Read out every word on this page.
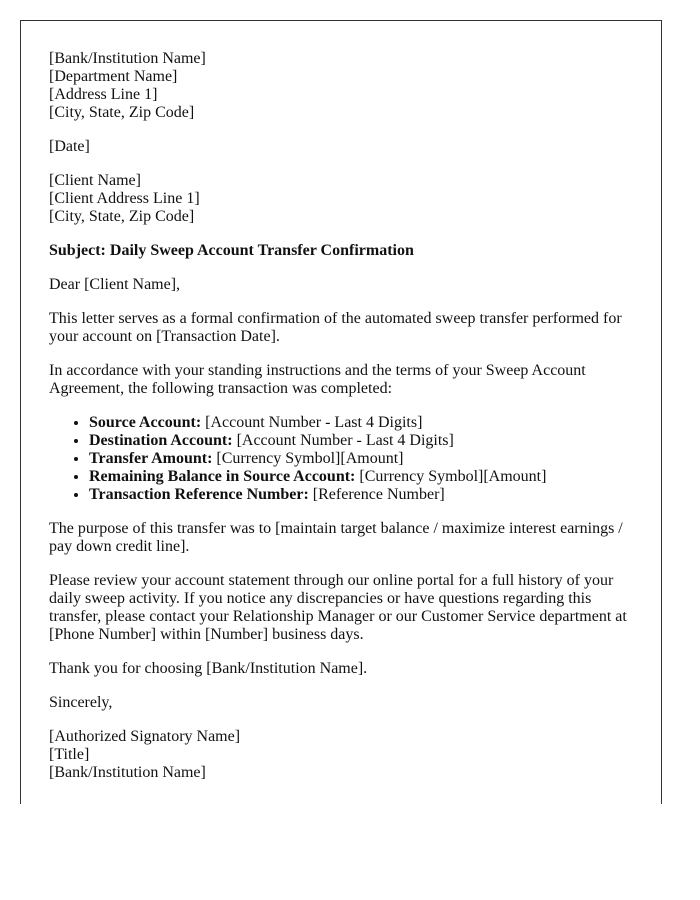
[Bank/Institution Name]
[Department Name]
[Address Line 1]
[City, State, Zip Code]

[Date]

[Client Name]
[Client Address Line 1]
[City, State, Zip Code]

Subject: Daily Sweep Account Transfer Confirmation

Dear [Client Name],

This letter serves as a formal confirmation of the automated sweep transfer performed for your account on [Transaction Date].

In accordance with your standing instructions and the terms of your Sweep Account Agreement, the following transaction was completed:

• Source Account: [Account Number - Last 4 Digits]
• Destination Account: [Account Number - Last 4 Digits]
• Transfer Amount: [Currency Symbol][Amount]
• Remaining Balance in Source Account: [Currency Symbol][Amount]
• Transaction Reference Number: [Reference Number]

The purpose of this transfer was to [maintain target balance / maximize interest earnings / pay down credit line].

Please review your account statement through our online portal for a full history of your daily sweep activity. If you notice any discrepancies or have questions regarding this transfer, please contact your Relationship Manager or our Customer Service department at [Phone Number] within [Number] business days.

Thank you for choosing [Bank/Institution Name].

Sincerely,

[Authorized Signatory Name]
[Title]
[Bank/Institution Name]
